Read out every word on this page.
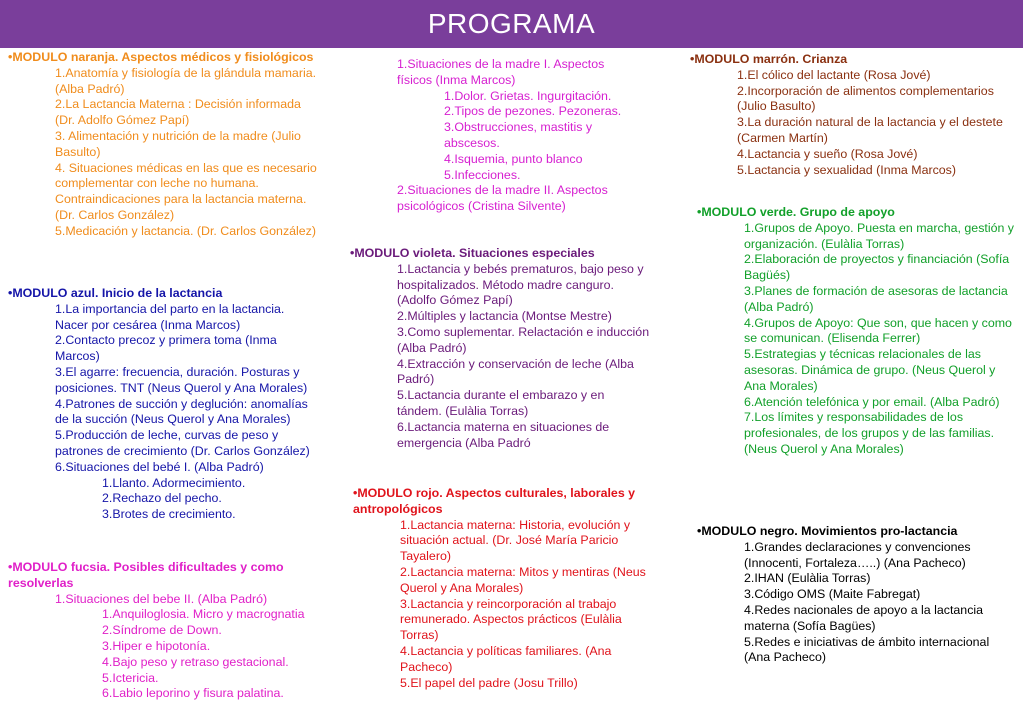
PROGRAMA
•MODULO naranja. Aspectos médicos y fisiológicos
1.Anatomía y fisiología de la glándula mamaria. (Alba Padró)
2.La Lactancia Materna : Decisión informada (Dr. Adolfo Gómez Papí)
3. Alimentación y nutrición de la madre (Julio Basulto)
4. Situaciones médicas en las que es necesario complementar con leche no humana. Contraindicaciones para la lactancia materna. (Dr. Carlos González)
5.Medicación y lactancia. (Dr. Carlos González)
•MODULO azul. Inicio de la lactancia
1.La importancia del parto en la lactancia. Nacer por cesárea (Inma Marcos)
2.Contacto precoz y primera toma (Inma Marcos)
3.El agarre: frecuencia, duración. Posturas y posiciones. TNT (Neus Querol y Ana Morales)
4.Patrones de succión y deglución: anomalías de la succión (Neus Querol y Ana Morales)
5.Producción de leche, curvas de peso y patrones de crecimiento (Dr. Carlos González)
6.Situaciones del bebé I. (Alba Padró)
1.Llanto. Adormecimiento.
2.Rechazo del pecho.
3.Brotes de crecimiento.
•MODULO fucsia. Posibles dificultades y como resolverlas
1.Situaciones del bebe II. (Alba Padró)
1.Anquiloglosia. Micro y macrognatia
2.Síndrome de Down.
3.Hiper e hipotonía.
4.Bajo peso y retraso gestacional.
5.Ictericia.
6.Labio leporino y fisura palatina.
1.Situaciones de la madre I. Aspectos físicos (Inma Marcos)
1.Dolor. Grietas. Ingurgitación.
2.Tipos de pezones. Pezoneras.
3.Obstrucciones, mastitis y abscesos.
4.Isquemia, punto blanco
5.Infecciones.
2.Situaciones de la madre II. Aspectos psicológicos (Cristina Silvente)
•MODULO violeta. Situaciones especiales
1.Lactancia y bebés prematuros, bajo peso y hospitalizados. Método madre canguro. (Adolfo Gómez Papí)
2.Múltiples y lactancia (Montse Mestre)
3.Como suplementar. Relactación e inducción (Alba Padró)
4.Extracción y conservación de leche (Alba Padró)
5.Lactancia durante el embarazo y en tándem. (Eulàlia Torras)
6.Lactancia materna en situaciones de emergencia (Alba Padró
•MODULO rojo. Aspectos culturales, laborales y antropológicos
1.Lactancia materna: Historia, evolución y situación actual. (Dr. José María Paricio Tayalero)
2.Lactancia materna: Mitos y mentiras (Neus Querol y Ana Morales)
3.Lactancia y reincorporación al trabajo remunerado. Aspectos prácticos (Eulàlia Torras)
4.Lactancia y políticas familiares. (Ana Pacheco)
5.El papel del padre (Josu Trillo)
•MODULO marrón. Crianza
1.El cólico del lactante (Rosa Jové)
2.Incorporación de alimentos complementarios (Julio Basulto)
3.La duración natural de la lactancia y el destete (Carmen Martín)
4.Lactancia y sueño (Rosa Jové)
5.Lactancia y sexualidad (Inma Marcos)
•MODULO verde. Grupo de apoyo
1.Grupos de Apoyo. Puesta en marcha, gestión y organización. (Eulàlia Torras)
2.Elaboración de proyectos y financiación (Sofía Bagüés)
3.Planes de formación de asesoras de lactancia (Alba Padró)
4.Grupos de Apoyo: Que son, que hacen y como se comunican. (Elisenda Ferrer)
5.Estrategias y técnicas relacionales de las asesoras. Dinámica de grupo. (Neus Querol y Ana Morales)
6.Atención telefónica y por email. (Alba Padró)
7.Los límites y responsabilidades de los profesionales, de los grupos y de las familias. (Neus Querol y Ana Morales)
•MODULO negro. Movimientos pro-lactancia
1.Grandes declaraciones y convenciones (Innocenti, Fortaleza…..) (Ana Pacheco)
2.IHAN (Eulàlia Torras)
3.Código OMS (Maite Fabregat)
4.Redes nacionales de apoyo a la lactancia materna (Sofía Bagües)
5.Redes e iniciativas de ámbito internacional (Ana Pacheco)
